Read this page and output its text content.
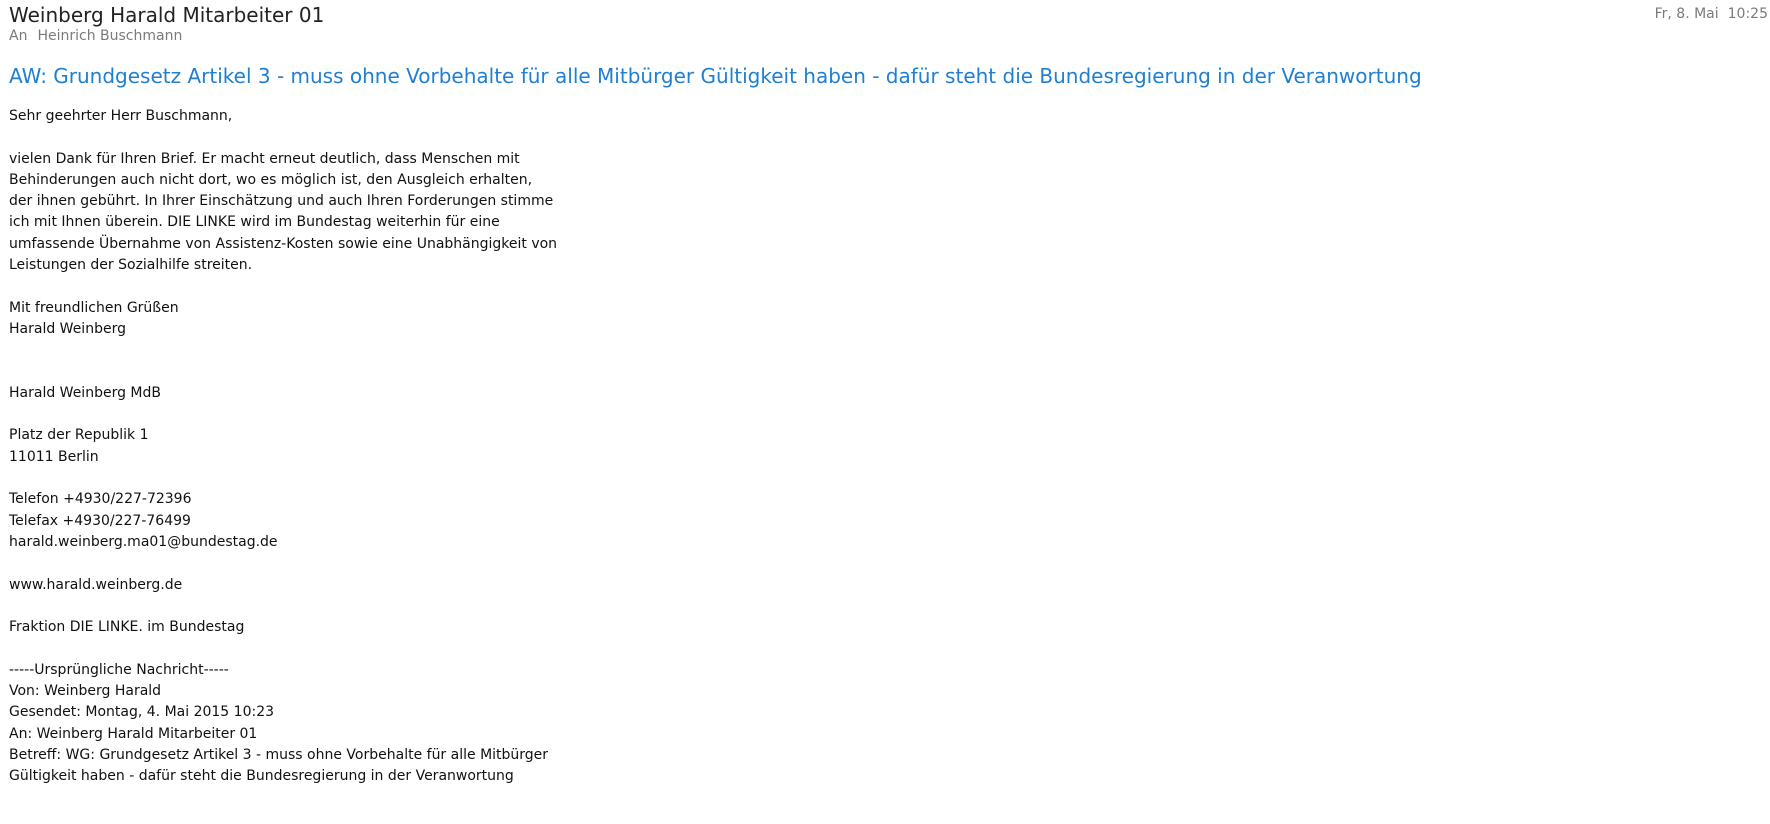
Weinberg Harald Mitarbeiter 01
An Heinrich Buschmann
Fr, 8. Mai 10:25
AW: Grundgesetz Artikel 3 - muss ohne Vorbehalte für alle Mitbürger Gültigkeit haben - dafür steht die Bundesregierung in der Veranwortung
Sehr geehrter Herr Buschmann,
vielen Dank für Ihren Brief. Er macht erneut deutlich, dass Menschen mit
Behinderungen auch nicht dort, wo es möglich ist, den Ausgleich erhalten,
der ihnen gebührt. In Ihrer Einschätzung und auch Ihren Forderungen stimme
ich mit Ihnen überein. DIE LINKE wird im Bundestag weiterhin für eine
umfassende Übernahme von Assistenz-Kosten sowie eine Unabhängigkeit von
Leistungen der Sozialhilfe streiten.
Mit freundlichen Grüßen
Harald Weinberg
Harald Weinberg MdB
Platz der Republik 1
11011 Berlin
Telefon +4930/227-72396
Telefax +4930/227-76499
harald.weinberg.ma01@bundestag.de
www.harald.weinberg.de
Fraktion DIE LINKE. im Bundestag
-----Ursprüngliche Nachricht-----
Von: Weinberg Harald
Gesendet: Montag, 4. Mai 2015 10:23
An: Weinberg Harald Mitarbeiter 01
Betreff: WG: Grundgesetz Artikel 3 - muss ohne Vorbehalte für alle Mitbürger
Gültigkeit haben - dafür steht die Bundesregierung in der Veranwortung
